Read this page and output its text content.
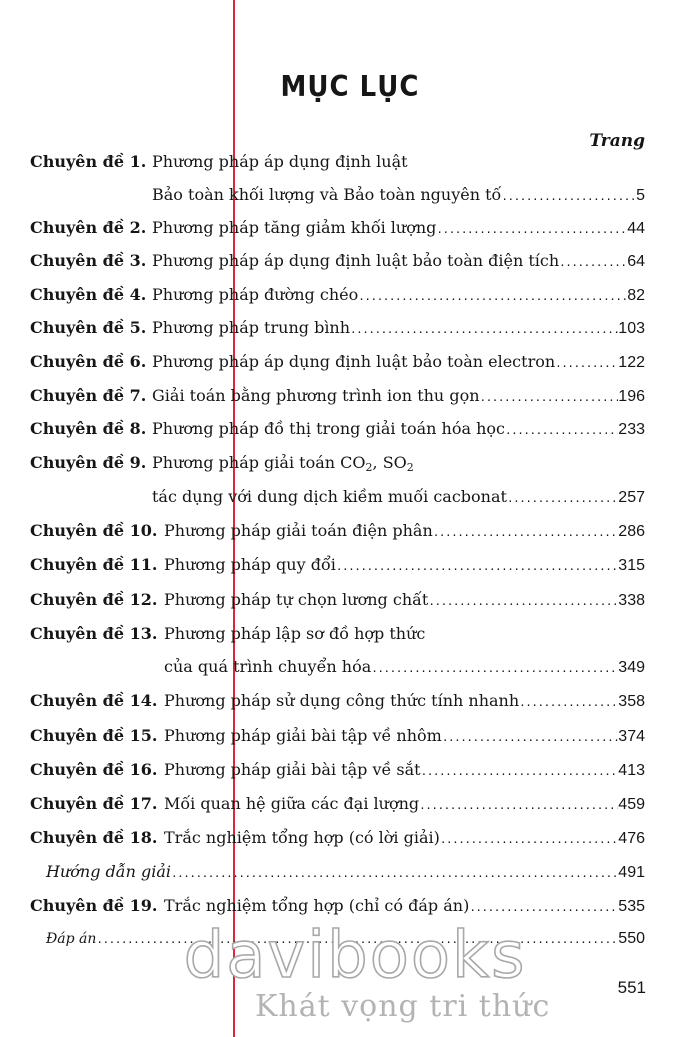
MỤC LỤC
Trang
Chuyên đề 1. Phương pháp áp dụng định luật
Bảo toàn khối lượng và Bảo toàn nguyên tố .....	5
Chuyên đề 2. Phương pháp tăng giảm khối lượng .....	44
Chuyên đề 3. Phương pháp áp dụng định luật bảo toàn điện tích .....	64
Chuyên đề 4. Phương pháp đường chéo .....	82
Chuyên đề 5. Phương pháp trung bình .....	103
Chuyên đề 6. Phương pháp áp dụng định luật bảo toàn electron .....	122
Chuyên đề 7. Giải toán bằng phương trình ion thu gọn .....	196
Chuyên đề 8. Phương pháp đồ thị trong giải toán hóa học .....	233
Chuyên đề 9. Phương pháp giải toán $CO_2$, $SO_2$
tác dụng với dung dịch kiềm muối cacbonat .....	257
Chuyên đề 10. Phương pháp giải toán điện phân .....	286
Chuyên đề 11. Phương pháp quy đổi .....	315
Chuyên đề 12. Phương pháp tự chọn lương chất .....	338
Chuyên đề 13. Phương pháp lập sơ đồ hợp thức
của quá trình chuyển hóa .....	349
Chuyên đề 14. Phương pháp sử dụng công thức tính nhanh .....	358
Chuyên đề 15. Phương pháp giải bài tập về nhôm .....	374
Chuyên đề 16. Phương pháp giải bài tập về sắt .....	413
Chuyên đề 17. Mối quan hệ giữa các đại lượng .....	459
Chuyên đề 18. Trắc nghiệm tổng hợp (có lời giải) .....	476
Hướng dẫn giải .....	491
Chuyên đề 19. Trắc nghiệm tổng hợp (chỉ có đáp án) .....	535
Đáp án .....	550
davibooks
Khát vọng tri thức
551
